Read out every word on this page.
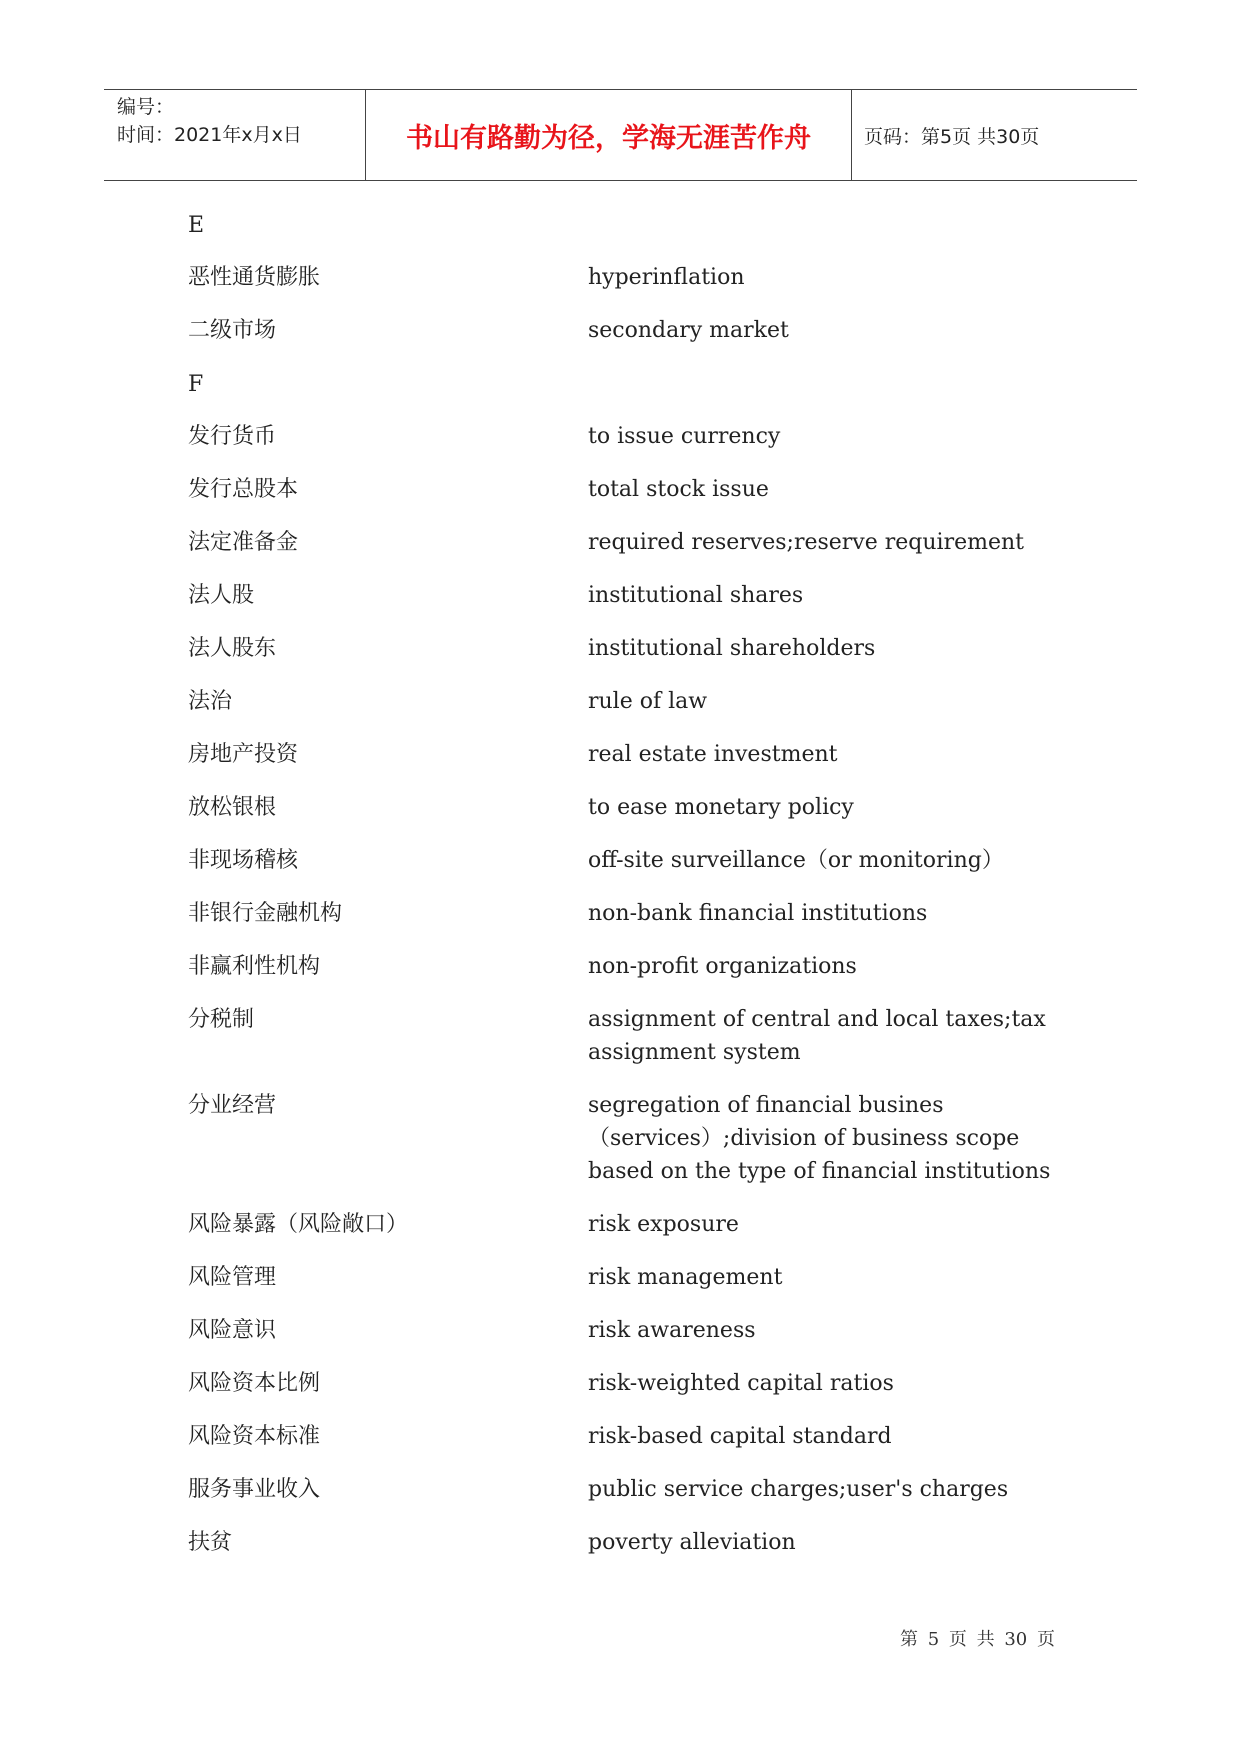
编号：
时间：2021年x月x日	书山有路勤为径，学海无涯苦作舟	页码：第5页 共30页
E
恶性通货膨胀	hyperinflation
二级市场	secondary market
F
发行货币	to issue currency
发行总股本	total stock issue
法定准备金	required reserves;reserve requirement
法人股	institutional shares
法人股东	institutional shareholders
法治	rule of law
房地产投资	real estate investment
放松银根	to ease monetary policy
非现场稽核	off-site surveillance（or monitoring）
非银行金融机构	non-bank financial institutions
非赢利性机构	non-profit organizations
分税制	assignment of central and local taxes;tax assignment system
分业经营	segregation of financial busines（services）;division of business scope based on the type of financial institutions
风险暴露（风险敞口）	risk exposure
风险管理	risk management
风险意识	risk awareness
风险资本比例	risk-weighted capital ratios
风险资本标准	risk-based capital standard
服务事业收入	public service charges;user's charges
扶贫	poverty alleviation
第 5 页 共 30 页
